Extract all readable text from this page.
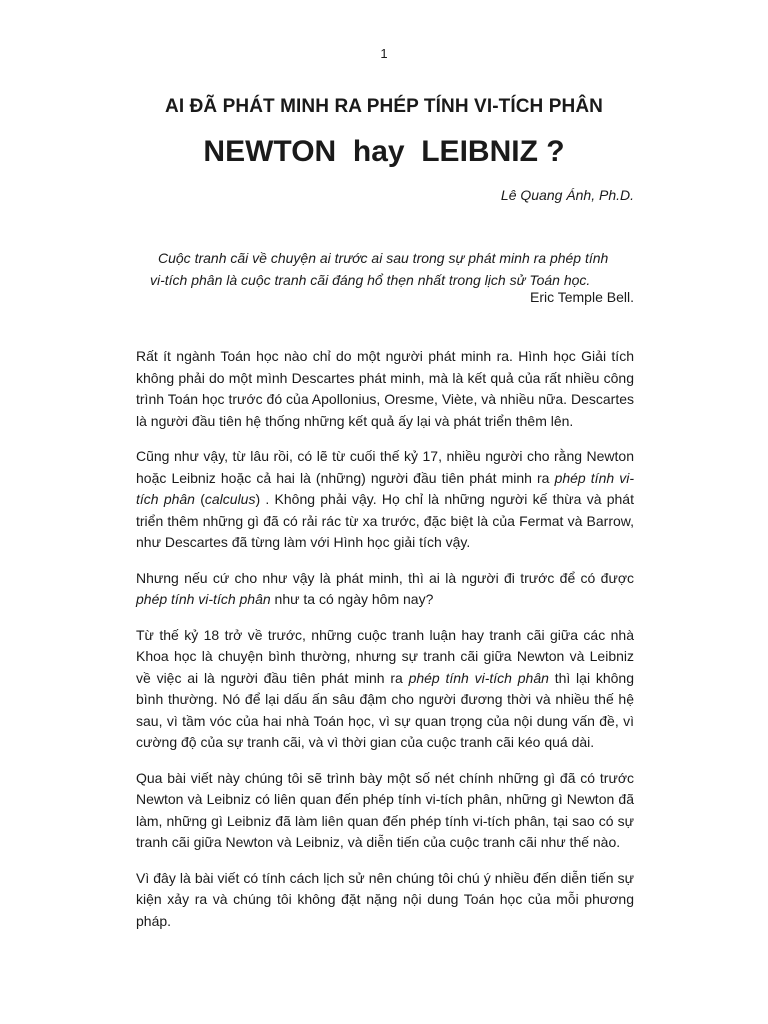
1
AI ĐÃ PHÁT MINH RA PHÉP TÍNH VI-TÍCH PHÂN
NEWTON  hay  LEIBNIZ ?
Lê Quang Ánh, Ph.D.
Cuộc tranh cãi về chuyện ai trước ai sau trong sự phát minh ra phép tính
vi-tích phân là cuộc tranh cãi đáng hổ thẹn nhất trong lịch sử Toán học.
Eric Temple Bell.

Rất ít ngành Toán học nào chỉ do một người phát minh ra. Hình học Giải tích không phải do một mình Descartes phát minh, mà là kết quả của rất nhiều công trình Toán học trước đó của Apollonius, Oresme, Viète, và nhiều nữa. Descartes là người đầu tiên hệ thống những kết quả ấy lại và phát triển thêm lên.

Cũng như vậy, từ lâu rồi, có lẽ từ cuối thế kỷ 17, nhiều người cho rằng Newton hoặc Leibniz hoặc cả hai là (những) người đầu tiên phát minh ra phép tính vi-tích phân (calculus) . Không phải vậy. Họ chỉ là những người kế thừa và phát triển thêm những gì đã có rải rác từ xa trước, đặc biệt là của Fermat và Barrow, như Descartes đã từng làm với Hình học giải tích vậy.

Nhưng nếu cứ cho như vậy là phát minh, thì ai là người đi trước để có được phép tính vi-tích phân như ta có ngày hôm nay?

Từ thế kỷ 18 trở về trước, những cuộc tranh luận hay tranh cãi giữa các nhà Khoa học là chuyện bình thường, nhưng sự tranh cãi giữa Newton và Leibniz về việc ai là người đầu tiên phát minh ra phép tính vi-tích phân thì lại không bình thường. Nó để lại dấu ấn sâu đậm cho người đương thời và nhiều thế hệ sau, vì tầm vóc của hai nhà Toán học, vì sự quan trọng của nội dung vấn đề, vì cường độ của sự tranh cãi, và vì thời gian của cuộc tranh cãi kéo quá dài.

Qua bài viết này chúng tôi sẽ trình bày một số nét chính những gì đã có trước Newton và Leibniz có liên quan đến phép tính vi-tích phân, những gì Newton đã làm, những gì Leibniz đã làm liên quan đến phép tính vi-tích phân, tại sao có sự tranh cãi giữa Newton và Leibniz, và diễn tiến của cuộc tranh cãi như thế nào.

Vì đây là bài viết có tính cách lịch sử nên chúng tôi chú ý nhiều đến diễn tiến sự kiện xảy ra và chúng tôi không đặt nặng nội dung Toán học của mỗi phương pháp.
